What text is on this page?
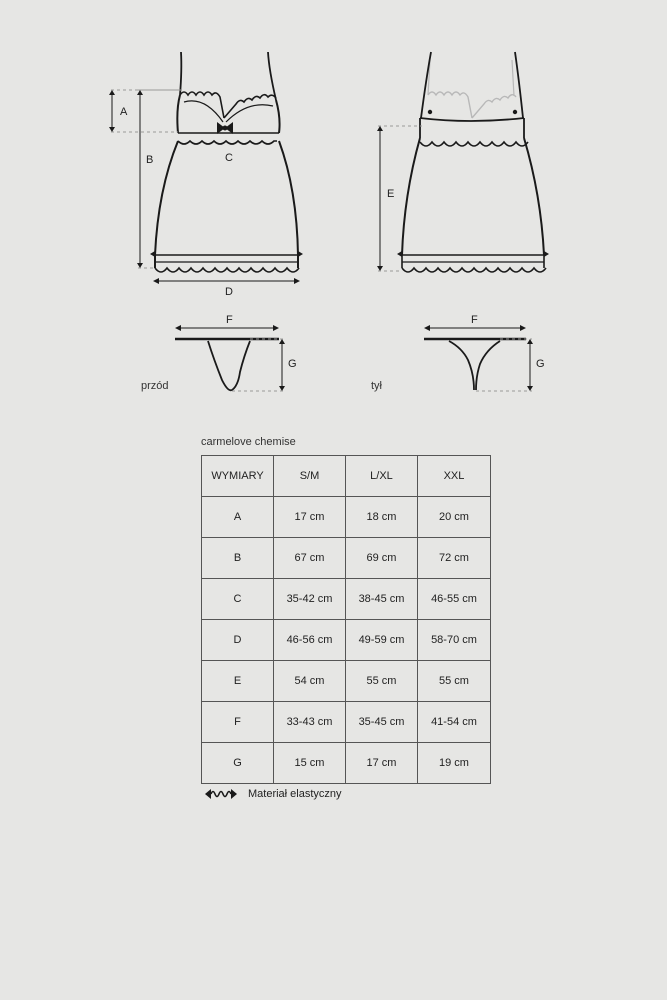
A
B	C
D
E
F	F
G	G
przód	tył
carmelove chemise
WYMIARY	S/M	L/XL	XXL
A	17 cm	18 cm	20 cm
B	67 cm	69 cm	72 cm
C	35-42 cm	38-45 cm	46-55 cm
D	46-56 cm	49-59 cm	58-70 cm
E	54 cm	55 cm	55 cm
F	33-43 cm	35-45 cm	41-54 cm
G	15 cm	17 cm	19 cm
Materiał elastyczny
